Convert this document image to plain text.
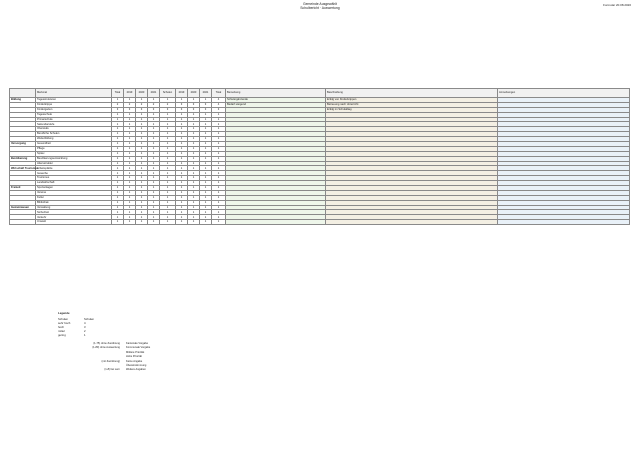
Gemeinde Ausgewählt
Schulbericht · Auswertung
Formular 20.08.2020
	Merkmal	Total	2019	2020	2021	Schulen	2019	2020	2021	Total	Bemerkung	Beschreibung	Anmerkungen
Bildung	Tagesstrukturen	1	1	1	1	1	1	1	1	4	Schulergänzende	Erfolg von Kinderkrippen	
	Kinderkrippe	2	2	2	2	2	3	3	3	4	Bedarf steigend	Betreuung nach Unterricht	
	Kindergarten	3	3	3	3	3	3	3	3	3		Erfolg im Schulalltag	
	Tagesschule	1	1	1	1	1	1	1	1	1			
	Primarschule	1	1	1	1	1	1	1	1	1			
	Sekundarstufe	1	1	1	1	1	1	1	1	1			
	Oberstufe	1	1	1	1	1	1	1	1	1			
	Berufliche Schulen	1	1	1	1	1	1	1	1	1			
	Weiterbildung	1	1	1	1	1	1	1	1	1			
Versorgung	Gesundheit	1	1	1	1	1	1	1	1	1			
	Pflege	1	1	1	1	1	1	1	1	1			
	Spitex	1	1	1	1	1	1	1	1	1			
Bevölkerung	Bevölkerungsentwicklung	1	1	1	1	1	1	1	1	1			
	Altersstruktur	1	1	1	1	1	1	1	1	1			
Wirtschaft Tourismus	Arbeitsplätze	1	1	1	1	1	1	1	1	1			
	Gewerbe	1	1	1	1	1	1	1	1	1			
	Tourismus	1	1	1	1	1	1	1	1	1			
	Landwirtschaft	1	1	1	1	1	1	1	1	1			
Freizeit	Sportanlagen	1	1	1	1	1	1	1	1	1			
	Vereine	1	1	1	1	1	1	1	1	1			
	Kultur	1	1	1	1	1	1	1	1	1			
	Bibliothek	1	1	1	1	1	1	1	1	1			
Gemeinwesen	Verwaltung	1	1	1	1	1	1	1	1	1			
	Sicherheit	1	1	1	1	1	1	1	1	1			
	Verkehr	1	1	1	1	1	1	1	1	1			
	Umwelt	1	1	1	1	1	1	1	1	1			
Legende
Schulen	Schulen
sehr hoch	4
hoch	3
mittel	2
gering	1
(1-75) ohne Zuordnung	Kantonale Vorgabe
(1-80) ohne Auswertung	Kommunale Vorgabe
Mittlere Priorität
Hohe Priorität
(mit Zuordnung)	Keine Angabe
Übereinstimmung
(1-8) bei Lern	Weitere Angaben
